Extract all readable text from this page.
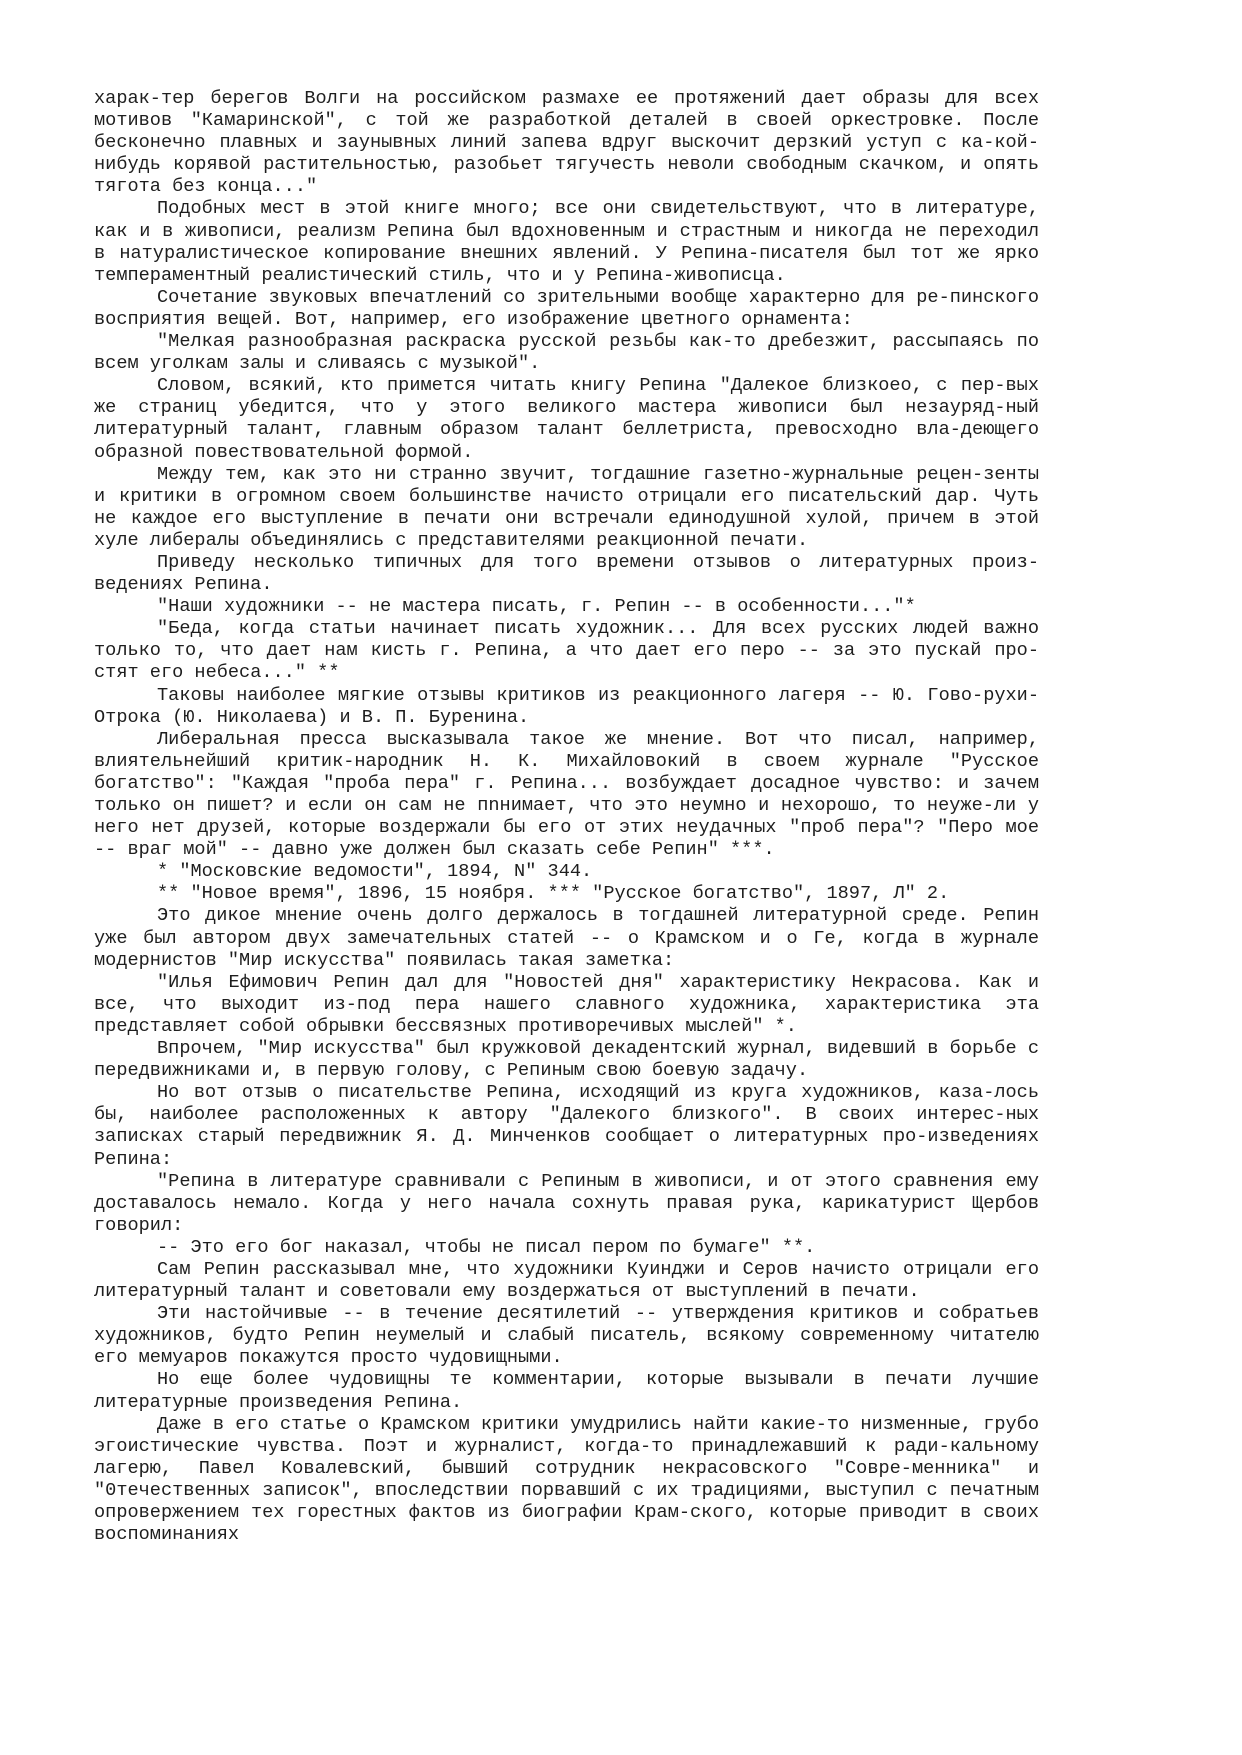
харак-тер берегов Волги на российском размахе ее протяжений дает образы для всех мотивов "Камаринской", с той же разработкой деталей в своей оркестровке. После бесконечно плавных и заунывных линий запева вдруг выскочит дерзкий уступ с ка-кой-нибудь корявой растительностью, разобьет тягучесть неволи свободным скачком, и опять тягота без конца..."

Подобных мест в этой книге много; все они свидетельствуют, что в литературе, как и в живописи, реализм Репина был вдохновенным и страстным и никогда не переходил в натуралистическое копирование внешних явлений. У Репина-писателя был тот же ярко темпераментный реалистический стиль, что и у Репина-живописца.

Сочетание звуковых впечатлений со зрительными вообще характерно для ре-пинского восприятия вещей. Вот, например, его изображение цветного орнамента:

"Мелкая разнообразная раскраска русской резьбы как-то дребезжит, рассыпаясь по всем уголкам залы и сливаясь с музыкой".

Словом, всякий, кто примется читать книгу Репина "Далекое близкоео, с пер-вых же страниц убедится, что у этого великого мастера живописи был незауряд-ный литературный талант, главным образом талант беллетриста, превосходно вла-деющего образной повествовательной формой.

Между тем, как это ни странно звучит, тогдашние газетно-журнальные рецен-зенты и критики в огромном своем большинстве начисто отрицали его писательский дар. Чуть не каждое его выступление в печати они встречали единодушной хулой, причем в этой хуле либералы объединялись с представителями реакционной печати.

Приведу несколько типичных для того времени отзывов о литературных произ-ведениях Репина.

"Наши художники -- не мастера писать, г. Репин -- в особенности..."*

"Беда, когда статьи начинает писать художник... Для всех русских людей важно только то, что дает нам кисть г. Репина, а что дает его перо -- за это пускай про-стят его небеса..." **

Таковы наиболее мягкие отзывы критиков из реакционного лагеря -- Ю. Гово-рухи-Отрока (Ю. Николаева) и В. П. Буренина.

Либеральная пресса высказывала такое же мнение. Вот что писал, например, влиятельнейший критик-народник Н. К. Михайловокий в своем журнале "Русское богатство": "Каждая "проба пера" г. Репина... возбуждает досадное чувство: и зачем только он пишет? и если он сам не пnнимает, что это неумно и нехорошо, то неуже-ли у него нет друзей, которые воздержали бы его от этих неудачных "проб пера"? "Перо мое -- враг мой" -- давно уже должен был сказать себе Репин" ***.

* "Московские ведомости", 1894, N" 344.

** "Новое время", 1896, 15 ноября. *** "Русское богатство", 1897, Л" 2.

Это дикое мнение очень долго держалось в тогдашней литературной среде. Репин уже был автором двух замечательных статей -- о Крамском и о Ге, когда в журнале модернистов "Мир искусства" появилась такая заметка:

"Илья Ефимович Репин дал для "Новостей дня" характеристику Некрасова. Как и все, что выходит из-под пера нашего славного художника, характеристика эта представляет собой обрывки бессвязных противоречивых мыслей" *.

Впрочем, "Мир искусства" был кружковой декадентский журнал, видевший в борьбе с передвижниками и, в первую голову, с Репиным свою боевую задачу.

Но вот отзыв о писательстве Репина, исходящий из круга художников, каза-лось бы, наиболее расположенных к автору "Далекого близкого". В своих интерес-ных записках старый передвижник Я. Д. Минченков сообщает о литературных про-изведениях Репина:

"Репина в литературе сравнивали с Репиным в живописи, и от этого сравнения ему доставалось немало. Когда у него начала сохнуть правая рука, карикатурист Щербов говорил:

-- Это его бог наказал, чтобы не писал пером по бумаге" **.

Сам Репин рассказывал мне, что художники Куинджи и Серов начисто отрицали его литературный талант и советовали ему воздержаться от выступлений в печати.

Эти настойчивые -- в течение десятилетий -- утверждения критиков и собратьев художников, будто Репин неумелый и слабый писатель, всякому современному читателю его мемуаров покажутся просто чудовищными.

Но еще более чудовищны те комментарии, которые вызывали в печати лучшие литературные произведения Репина.

Даже в его статье о Крамском критики умудрились найти какие-то низменные, грубо эгоистические чувства. Поэт и журналист, когда-то принадлежавший к ради-кальному лагерю, Павел Ковалевский, бывший сотрудник некрасовского "Совре-менника" и "0течественных записок", впоследствии порвавший с их традициями, выступил с печатным опровержением тех горестных фактов из биографии Крам-ского, которые приводит в своих воспоминаниях
